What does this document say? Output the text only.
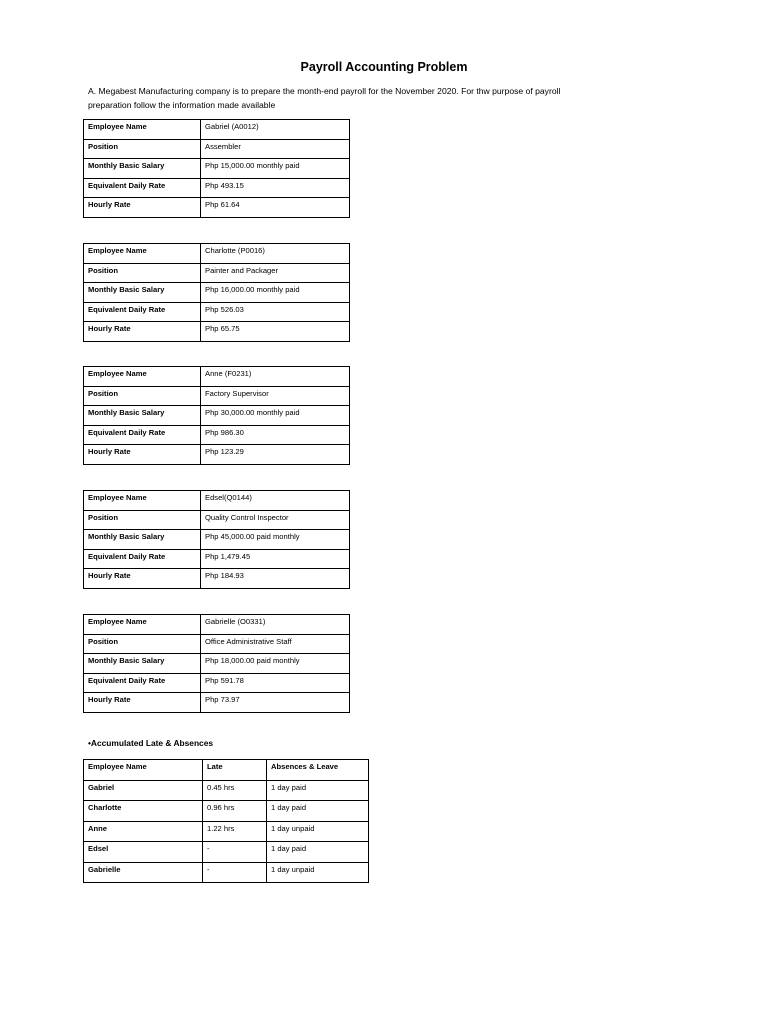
Payroll Accounting Problem
A. Megabest Manufacturing company is to prepare the month-end payroll for the November 2020. For thw purpose of payroll
preparation follow the information made available
Employee Name	Gabriel (A0012)
Position	Assembler
Monthly Basic Salary	Php 15,000.00 monthly paid
Equivalent Daily Rate	Php 493.15
Hourly Rate	Php 61.64
Employee Name	Charlotte (P0016)
Position	Painter and Packager
Monthly Basic Salary	Php 16,000.00 monthly paid
Equivalent Daily Rate	Php 526.03
Hourly Rate	Php 65.75
Employee Name	Anne (F0231)
Position	Factory Supervisor
Monthly Basic Salary	Php 30,000.00 monthly paid
Equivalent Daily Rate	Php 986.30
Hourly Rate	Php 123.29
Employee Name	Edsel(Q0144)
Position	Quality Control Inspector
Monthly Basic Salary	Php 45,000.00 paid monthly
Equivalent Daily Rate	Php 1,479.45
Hourly Rate	Php 184.93
Employee Name	Gabrielle (O0331)
Position	Office Administrative Staff
Monthly Basic Salary	Php 18,000.00 paid monthly
Equivalent Daily Rate	Php 591.78
Hourly Rate	Php 73.97
•Accumulated Late & Absences
Employee Name	Late	Absences & Leave
Gabriel	0.45 hrs	1 day paid
Charlotte	0.96 hrs	1 day paid
Anne	1.22 hrs	1 day unpaid
Edsel	-	1 day paid
Gabrielle	-	1 day unpaid
